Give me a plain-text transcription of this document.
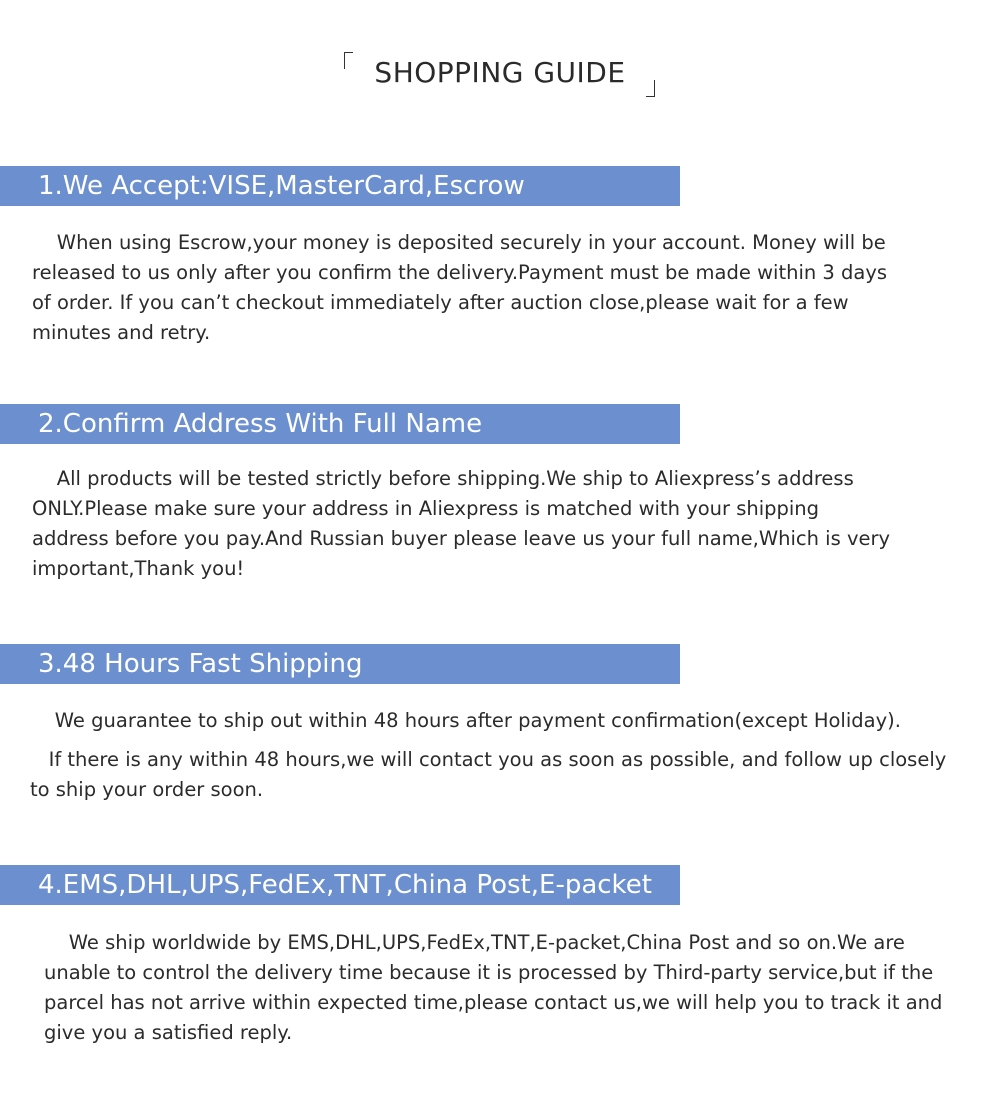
SHOPPING GUIDE
1.We Accept:VISE,MasterCard,Escrow
When using Escrow,your money is deposited securely in your account. Money will be
released to us only after you confirm the delivery.Payment must be made within 3 days
of order. If you can’t checkout immediately after auction close,please wait for a few
minutes and retry.
2.Confirm Address With Full Name
All products will be tested strictly before shipping.We ship to Aliexpress’s address
ONLY.Please make sure your address in Aliexpress is matched with your shipping
address before you pay.And Russian buyer please leave us your full name,Which is very
important,Thank you!
3.48 Hours Fast Shipping
We guarantee to ship out within 48 hours after payment confirmation(except Holiday).
If there is any within 48 hours,we will contact you as soon as possible, and follow up closely
to ship your order soon.
4.EMS,DHL,UPS,FedEx,TNT,China Post,E-packet
We ship worldwide by EMS,DHL,UPS,FedEx,TNT,E-packet,China Post and so on.We are
unable to control the delivery time because it is processed by Third-party service,but if the
parcel has not arrive within expected time,please contact us,we will help you to track it and
give you a satisfied reply.
